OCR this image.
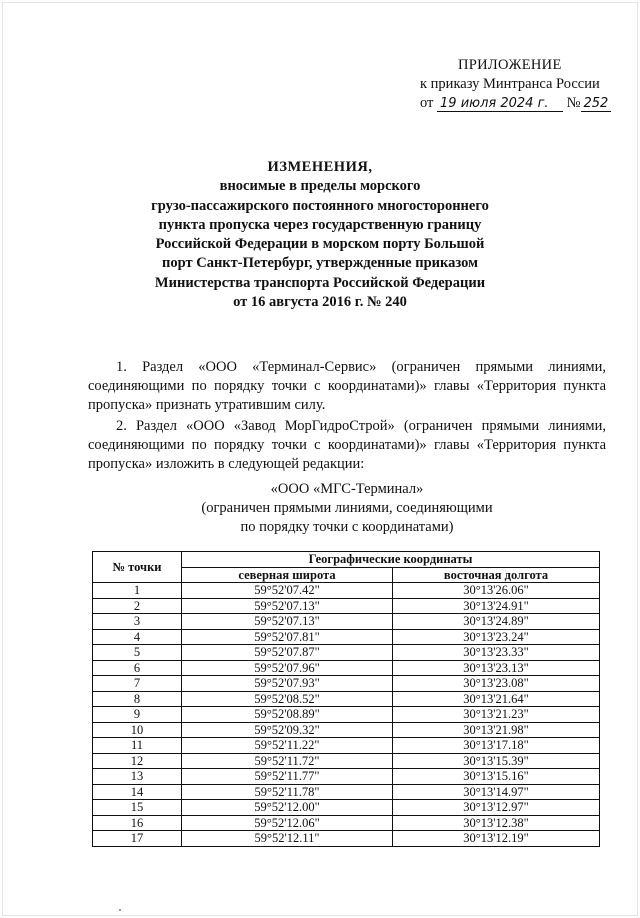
ПРИЛОЖЕНИЕ
к приказу Минтранса России
от 19 июля 2024 г. № 252
ИЗМЕНЕНИЯ,
вносимые в пределы морского
грузо-пассажирского постоянного многостороннего
пункта пропуска через государственную границу
Российской Федерации в морском порту Большой
порт Санкт-Петербург, утвержденные приказом
Министерства транспорта Российской Федерации
от 16 августа 2016 г. № 240

1. Раздел «ООО «Терминал-Сервис» (ограничен прямыми линиями, соединяющими по порядку точки с координатами)» главы «Территория пункта пропуска» признать утратившим силу.

2. Раздел «ООО «Завод МорГидроСтрой» (ограничен прямыми линиями, соединяющими по порядку точки с координатами)» главы «Территория пункта пропуска» изложить в следующей редакции:

«ООО «МГС-Терминал»
(ограничен прямыми линиями, соединяющими
по порядку точки с координатами)
№ точки	Географические координаты	
	северная широта	восточная долгота
1	59°52'07.42"	30°13'26.06"
2	59°52'07.13"	30°13'24.91"
3	59°52'07.13"	30°13'24.89"
4	59°52'07.81"	30°13'23.24"
5	59°52'07.87"	30°13'23.33"
6	59°52'07.96"	30°13'23.13"
7	59°52'07.93"	30°13'23.08"
8	59°52'08.52"	30°13'21.64"
9	59°52'08.89"	30°13'21.23"
10	59°52'09.32"	30°13'21.98"
11	59°52'11.22"	30°13'17.18"
12	59°52'11.72"	30°13'15.39"
13	59°52'11.77"	30°13'15.16"
14	59°52'11.78"	30°13'14.97"
15	59°52'12.00"	30°13'12.97"
16	59°52'12.06"	30°13'12.38"
17	59°52'12.11"	30°13'12.19"
